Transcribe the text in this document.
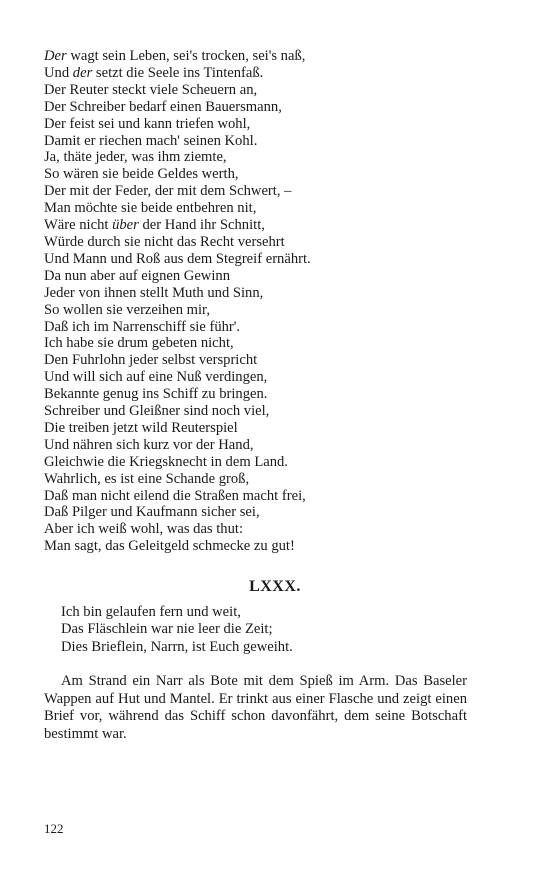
Der wagt sein Leben, sei's trocken, sei's naß,
Und der setzt die Seele ins Tintenfaß.
Der Reuter steckt viele Scheuern an,
Der Schreiber bedarf einen Bauersmann,
Der feist sei und kann triefen wohl,
Damit er riechen mach' seinen Kohl.
Ja, thäte jeder, was ihm ziemte,
So wären sie beide Geldes werth,
Der mit der Feder, der mit dem Schwert, –
Man möchte sie beide entbehren nit,
Wäre nicht über der Hand ihr Schnitt,
Würde durch sie nicht das Recht versehrt
Und Mann und Roß aus dem Stegreif ernährt.
Da nun aber auf eignen Gewinn
Jeder von ihnen stellt Muth und Sinn,
So wollen sie verzeihen mir,
Daß ich im Narrenschiff sie führ'.
Ich habe sie drum gebeten nicht,
Den Fuhrlohn jeder selbst verspricht
Und will sich auf eine Nuß verdingen,
Bekannte genug ins Schiff zu bringen.
Schreiber und Gleißner sind noch viel,
Die treiben jetzt wild Reuterspiel
Und nähren sich kurz vor der Hand,
Gleichwie die Kriegsknecht in dem Land.
Wahrlich, es ist eine Schande groß,
Daß man nicht eilend die Straßen macht frei,
Daß Pilger und Kaufmann sicher sei,
Aber ich weiß wohl, was das thut:
Man sagt, das Geleitgeld schmecke zu gut!
LXXX.
Ich bin gelaufen fern und weit,
Das Fläschlein war nie leer die Zeit;
Dies Brieflein, Narrn, ist Euch geweiht.

Am Strand ein Narr als Bote mit dem Spieß im Arm. Das Baseler Wappen auf Hut und Mantel. Er trinkt aus einer Flasche und zeigt einen Brief vor, während das Schiff schon davonfährt, dem seine Botschaft bestimmt war.

122
